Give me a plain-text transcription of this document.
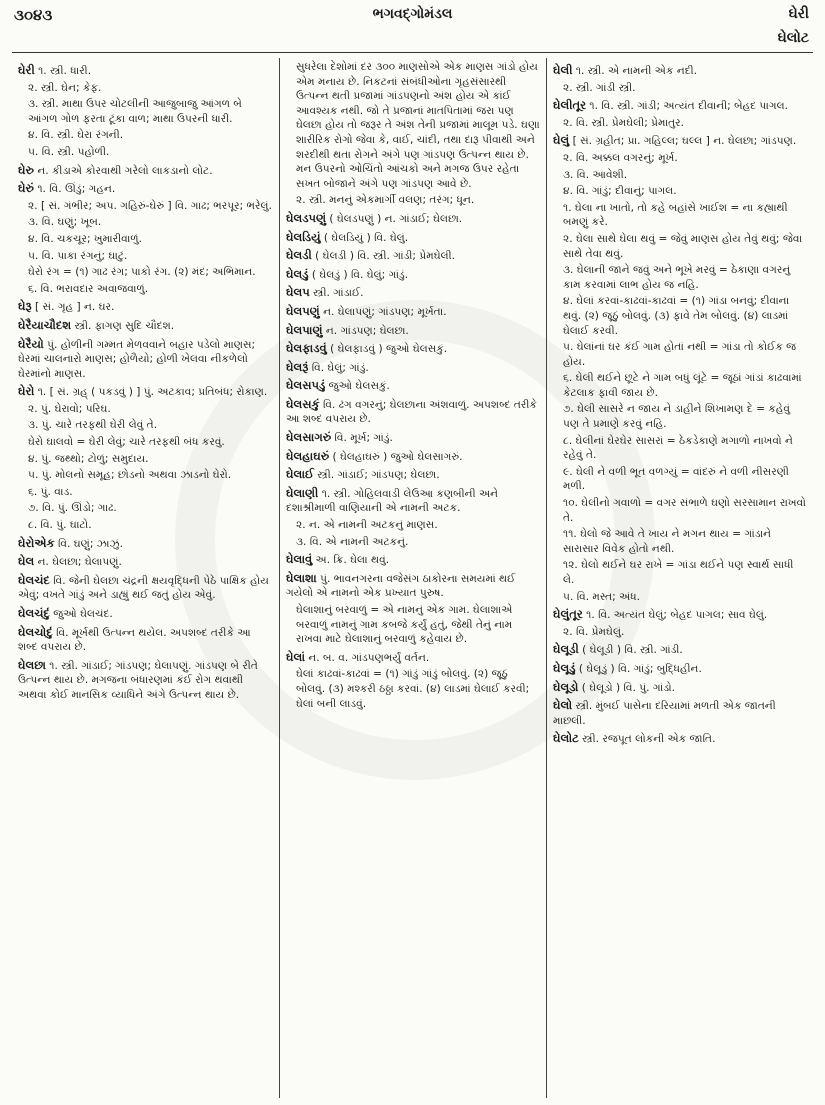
૩૦૪૩	ભગવદ્ગોમંડલ	ઘેરી
ઘેલોટ
ઘેરી ૧. સ્ત્રી. ધારી.
૨. સ્ત્રી. ઘેન; કેફ.
૩. સ્ત્રી. માથા ઉપર ચોટલીની આજુબાજુ આંગળ બે આંગળ ગોળ ફરતા ટૂંકા વાળ; માથા ઉપરની ધારી.
૪. વિ. સ્ત્રી. ઘેરા રંગની.
૫. વિ. સ્ત્રી. પહોળી.
ઘેરુ ન. કીડાએ કોરવાથી ગરેલો લાકડાનો લોટ.
ઘેરું ૧. વિ. ઊંડું; ગહન.
૨. [ સં. ગંભીર; અપ. ગહિરું-ઘેરું ] વિ. ગાઢ; ભરપૂર; ભરેલું.
૩. વિ. ઘણું; ખૂબ.
૪. વિ. ચકચૂર; ખુમારીવાળું.
૫. વિ. પાકા રંગનું; ઘાટું.
ઘેરો રંગ = (૧) ગાઢ રંગ; પાકો રંગ. (૨) મંદ; અભિમાન.
૬. વિ. ભરાવદાર અવાજવાળું.
ઘેરૂ [ સં. ગૃહ ] ન. ઘર.
ઘેરૈયાચૌદશ સ્ત્રી. ફાગણ સુદિ ચૌદશ.
ઘેરૈયો પું. હોળીની ગમ્મત મેળવવાને બહાર પડેલો માણસ; ઘેરમાં ચાલનારો માણસ; હોળૈયો; હોળી ખેલવા નીકળેલો ઘેરમાંનો માણસ.
ઘેરો ૧. [ સં. ગ્રહ્ ( પકડવું ) ] પું. અટકાવ; પ્રતિબંધ; રોકાણ.
૨. પું. ઘેરાવો; પરિઘ.
૩. પું. ચારે તરફથી ઘેરી લેવું તે.
ઘેરો ઘાલવો = ઘેરી લેવું; ચારે તરફથી બંધ કરવું.
૪. પું. જથ્થો; ટોળું; સમુદાય.
૫. પું. મોલનો સમૂહ; છોડનો અથવા ઝાડનો ઘેરો.
૬. પું. વાડ.
૭. વિ. પું. ઊંડો; ગાઢ.
૮. વિ. પું. ઘાટો.
ઘેરોએક વિ. ઘણું; ઝાઝું.
ઘેલ ન. ઘેલછા; ઘેલાપણું.
ઘેલચંદ વિ. જેની ઘેલછા ચંદ્રની ક્ષયવૃદ્ધિની પેઠે પાક્ષિક હોય એવું; વખતે ગાંડું અને ડાહ્યું થઈ જતું હોય એવું.
ઘેલચંદું જુઓ ઘેલચંદ.
ઘેલચોદું વિ. મૂર્ખથી ઉત્પન્ન થયેલ. અપશબ્દ તરીકે આ શબ્દ વપરાય છે.
ઘેલછા ૧. સ્ત્રી. ગાંડાઈ; ગાંડપણ; ઘેલાપણું. ગાંડપણ બે રીતે ઉત્પન્ન થાય છે. મગજના બંધારણમાં કંઈ રોગ થવાથી અથવા કોઈ માનસિક વ્યાધિને અંગે ઉત્પન્ન થાય છે.
સુધરેલા દેશોમાં દર ૩૦૦ માણસોએ એક માણસ ગાંડો હોય એમ મનાય છે. નિકટનાં સંબંધીઓના ગૃહસંસારથી ઉત્પન્ન થતી પ્રજામાં ગાંડપણનો અંશ હોય એ કાંઈ આવશ્યક નથી. જો તે પ્રજાનાં માતપિતામાં જરા પણ ઘેલછા હોય તો જરૂર તે અંશ તેની પ્રજામાં માલૂમ પડે. ઘણા શારીરિક રોગો જેવા કે, વાઈ, ચાંદી, તથા દારૂ પીવાથી અને શરદીથી થતા રોગને અંગે પણ ગાંડપણ ઉત્પન્ન થાય છે. મન ઉપરનો ઓચિંતો આંચકો અને મગજ ઉપર રહેતા સખત બોજાને અંગે પણ ગાંડપણ આવે છે.
૨. સ્ત્રી. મનનું એકમાર્ગી વલણ; તરંગ; ધૂન.
ઘેલડપણું ( ઘેલડપણું ) ન. ગાંડાઈ; ઘેલછા.
ઘેલડિયું ( ઘેલડિયું ) વિ. ઘેલું.
ઘેલડી ( ઘેલડી ) વિ. સ્ત્રી. ગાંડી; પ્રેમઘેલી.
ઘેલડું ( ઘેલડું ) વિ. ઘેલું; ગાંડું.
ઘેલપ સ્ત્રી. ગાંડાઈ.
ઘેલપણું ન. ઘેલાપણું; ગાંડપણ; મૂર્ખતા.
ઘેલપાણું ન. ગાંડપણ; ઘેલછા.
ઘેલફાડવું ( ઘેલફાડવું ) જુઓ ઘેલસકું.
ઘેલરૂં વિ. ઘેલું; ગાંડું.
ઘેલસપડું જુઓ ઘેલસકું.
ઘેલસકું વિ. ઢંગ વગરનું; ઘેલછાના અંશવાળું. અપશબ્દ તરીકે આ શબ્દ વપરાય છે.
ઘેલસાગરું વિ. મૂર્ખ; ગાંડું.
ઘેલહાઘરું ( ઘેલહાઘરું ) જુઓ ઘેલસાગરું.
ઘેલાઈ સ્ત્રી. ગાંડાઈ; ગાંડપણ; ઘેલછા.
ઘેલાણી ૧. સ્ત્રી. ગોહિલવાડી લેઉઆ કણબીની અને દશાશ્રીમાળી વાણિયાની એ નામની અટક.
૨. ન. એ નામની અટકનું માણસ.
૩. વિ. એ નામની અટકનું.
ઘેલાવું અ. ક્રિ. ઘેલા થવું.
ઘેલાશા પું. ભાવનગરના વજેસંગ ઠાકોરના સમયમાં થઈ ગયેલો એ નામનો એક પ્રખ્યાત પુરુષ.
ઘેલાશાનું બરવાળું = એ નામનું એક ગામ. ઘેલાશાએ બરવાળું નામનું ગામ કબજે કર્યું હતું, જેથી તેનું નામ રાખવા માટે ઘેલાશાનું બરવાળું કહેવાય છે.
ઘેલાં ન. બ. વ. ગાંડપણભર્યું વર્તન.
ઘેલાં કાઢવાં-કાઢવાં = (૧) ગાંડું ગાંડું બોલવું. (૨) જૂઠું બોલવું. (૩) મશ્કરી ઠઠ્ઠા કરવાં. (૪) લાડમાં ઘેલાઈ કરવી; ઘેલાં બની લાડવું.
ઘેલી ૧. સ્ત્રી. એ નામની એક નદી.
૨. સ્ત્રી. ગાંડી સ્ત્રી.
ઘેલીતૂર ૧. વિ. સ્ત્રી. ગાંડી; અત્યંત દીવાની; બેહદ પાગલ.
૨. વિ. સ્ત્રી. પ્રેમઘેલી; પ્રેમાતુર.
ઘેલું [ સં. ગ્રહીત; પ્રા. ગહિલ્લ; ઘલ્લ ] ન. ઘેલછા; ગાંડપણ.
૨. વિ. અક્કલ વગરનું; મૂર્ખ.
૩. વિ. આવેશી.
૪. વિ. ગાંડું; દીવાનું; પાગલ.
૧. ઘેલા ના ખાતો, તો કહે બહાંસે ખાઈશ = ના કહ્યાથી બમણું કરે.
૨. ઘેલા સાથે ઘેલા થવું = જેવું માણસ હોય તેવું થવું; જેવા સાથે તેવા થવું.
૩. ઘેલાની જાને જવું અને ભૂખે મરવું = ઠેકાણા વગરનું કામ કરવામાં લાભ હોય જ નહિ.
૪. ઘેલાં કરવાં-કાઢવાં-કાઢવાં = (૧) ગાંડા બનવું; દીવાના થવું. (૨) જૂઠું બોલવું. (૩) ફાવે તેમ બોલવું. (૪) લાડમાં ઘેલાઈ કરવી.
૫. ઘેલાંનાં ઘર કંઈ ગામ હોતાં નથી = ગાંડા તો કોઈક જ હોય.
૬. ઘેલી થઈને છૂટે ને ગામ બધું લૂંટે = જૂઠાં ગાંડાં કાઢવામાં કેટલાક ફાવી જાય છે.
૭. ઘેલી સાસરે ન જાય ને ડાહીને શિખામણ દે = કહેવું પણ તે પ્રમાણે કરવું નહિ.
૮. ઘેલીનાં ઘેરઘેર સાસરાં = ઠેકડેકાણે મગાળો નાખવો ને રહેવું તે.
૯. ઘેલી ને વળી ભૂત વળગ્યું = વાંદરું ને વળી નીસરણી મળી.
૧૦. ઘેલીનો ગવાળો = વગર સંભાળે ઘણો સરસામાન રાખવો તે.
૧૧. ઘેલો જે આવે તે ખાય ને મગન થાય = ગાંડાને સારાસાર વિવેક હોતો નથી.
૧૨. ઘેલો થઈને ઘર રાખે = ગાંડા થઈને પણ સ્વાર્થ સાધી લે.
૫. વિ. મસ્ત; અંધ.
ઘેલુંતૂર ૧. વિ. અત્યંત ઘેલું; બેહદ પાગલ; સાવ ઘેલું.
૨. વિ. પ્રેમઘેલું.
ઘેલૂડી ( ઘેલૂડી ) વિ. સ્ત્રી. ગાંડી.
ઘેલૂડું ( ઘેલૂડું ) વિ. ગાંડું; બુદ્ધિહીન.
ઘેલૂડો ( ઘેલૂડો ) વિ. પું. ગાંડો.
ઘેલો સ્ત્રી. મુંબઈ પાસેના દરિયામાં મળતી એક જાતની માછલી.
ઘેલોટ સ્ત્રી. રજપૂત લોકની એક જાતિ.
